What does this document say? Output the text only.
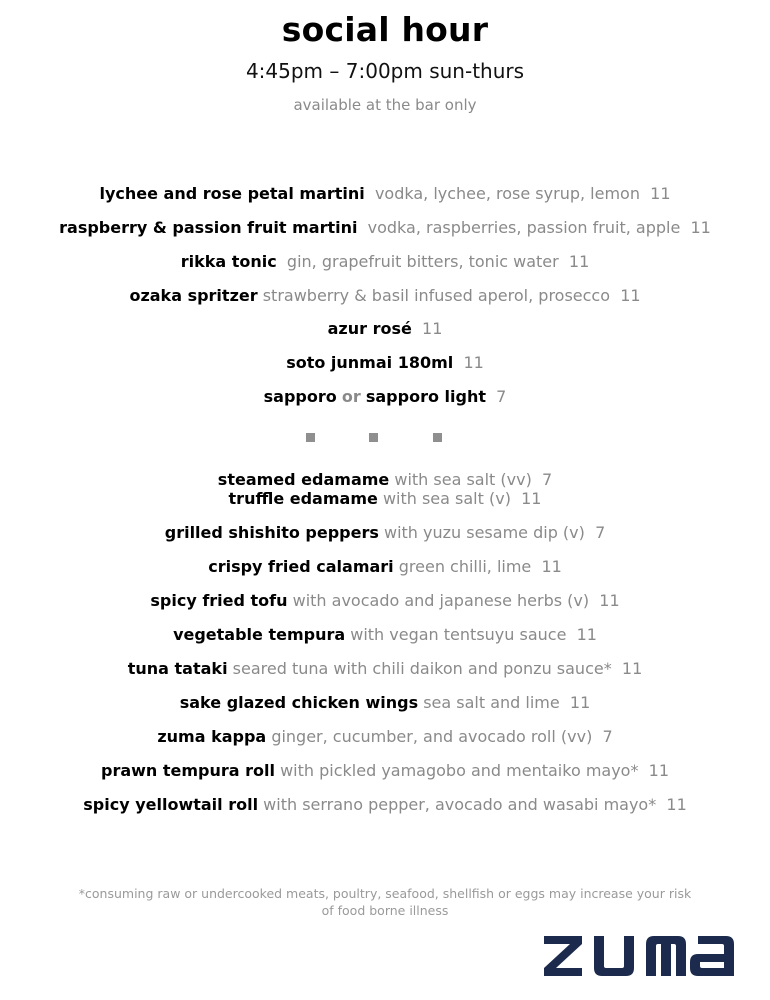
social hour
4:45pm – 7:00pm sun-thurs
available at the bar only
lychee and rose petal martini vodka, lychee, rose syrup, lemon 11
raspberry & passion fruit martini vodka, raspberries, passion fruit, apple 11
rikka tonic gin, grapefruit bitters, tonic water 11
ozaka spritzer strawberry & basil infused aperol, prosecco 11
azur rosé 11
soto junmai 180ml 11
sapporo or sapporo light 7
steamed edamame with sea salt (vv) 7
truffle edamame with sea salt (v) 11
grilled shishito peppers with yuzu sesame dip (v) 7
crispy fried calamari green chilli, lime 11
spicy fried tofu with avocado and japanese herbs (v) 11
vegetable tempura with vegan tentsuyu sauce 11
tuna tataki seared tuna with chili daikon and ponzu sauce* 11
sake glazed chicken wings sea salt and lime 11
zuma kappa ginger, cucumber, and avocado roll (vv) 7
prawn tempura roll with pickled yamagobo and mentaiko mayo* 11
spicy yellowtail roll with serrano pepper, avocado and wasabi mayo* 11
*consuming raw or undercooked meats, poultry, seafood, shellfish or eggs may increase your risk
of food borne illness
